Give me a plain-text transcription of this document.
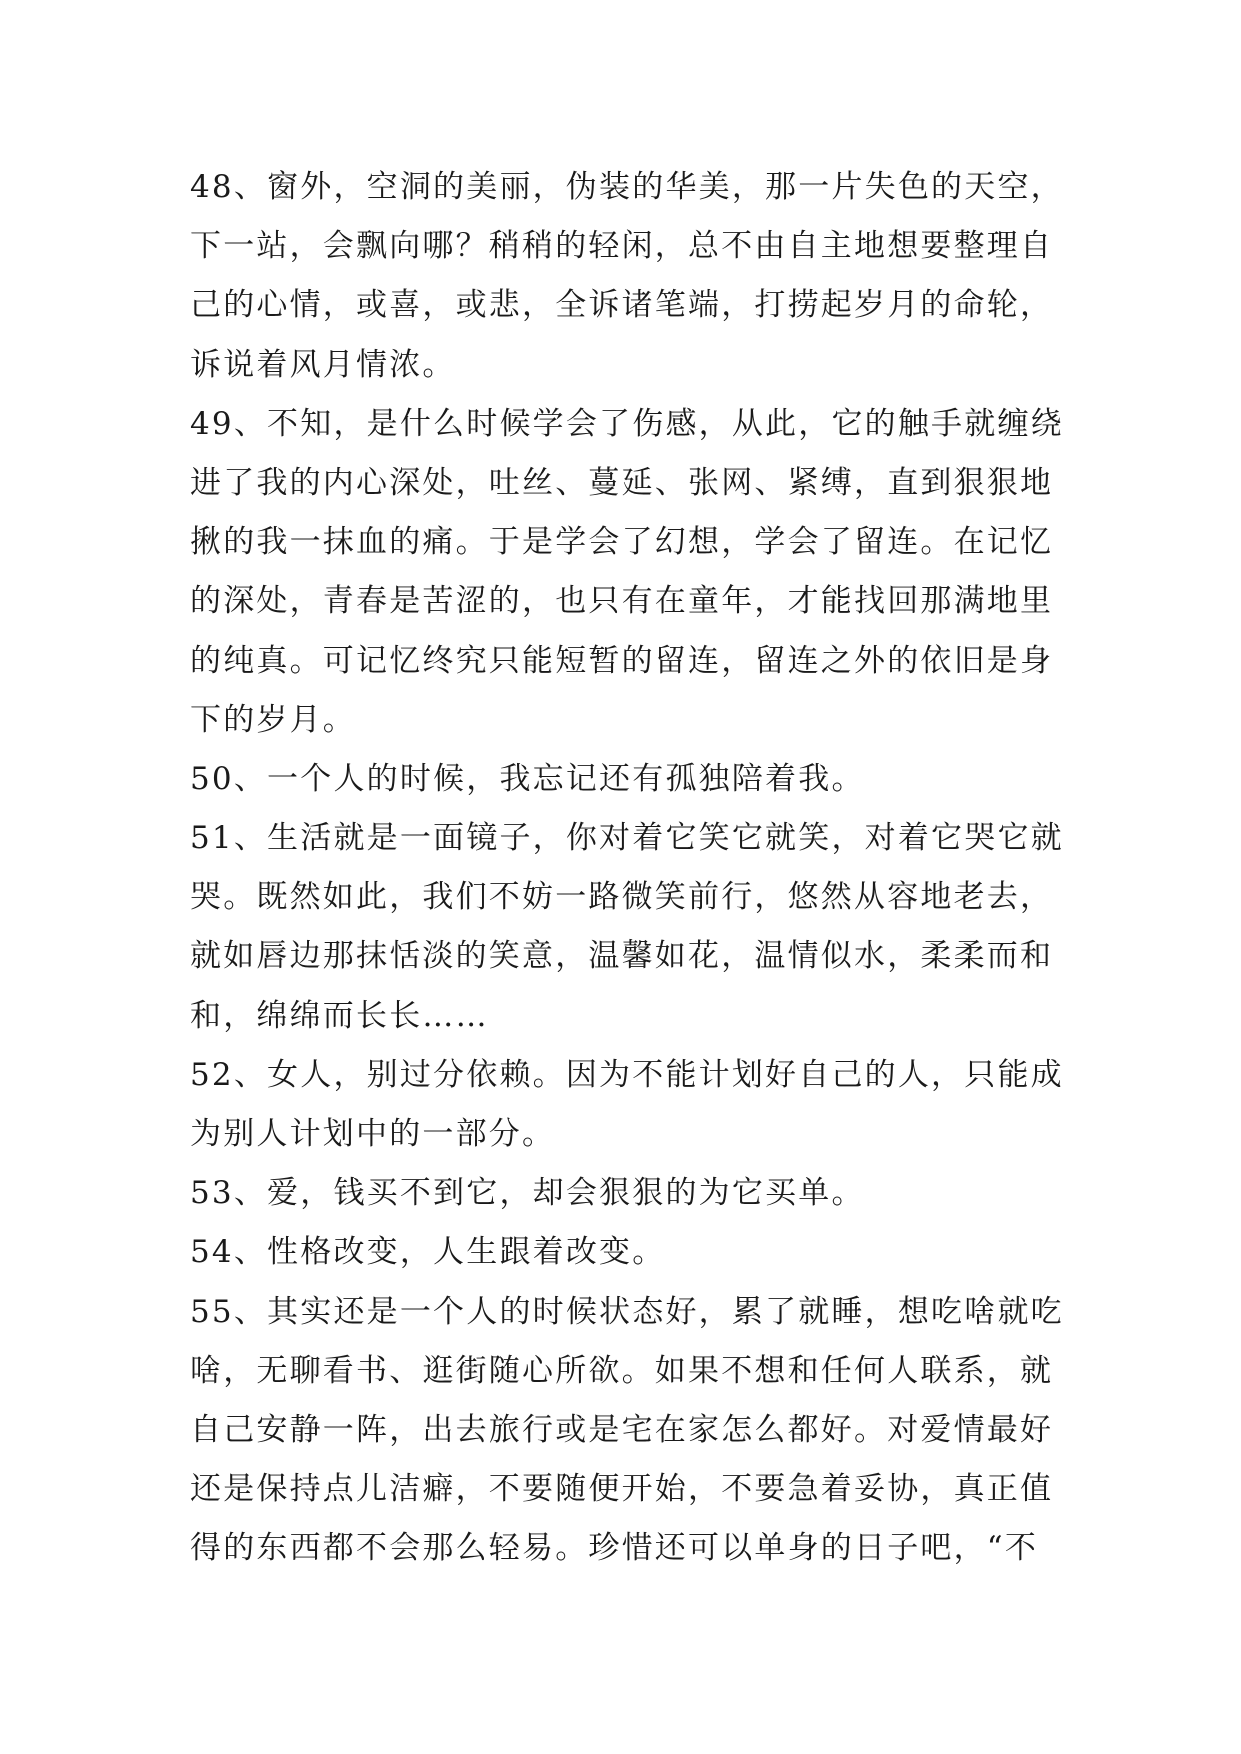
48、窗外，空洞的美丽，伪装的华美，那一片失色的天空，
下一站，会飘向哪？稍稍的轻闲，总不由自主地想要整理自
己的心情，或喜，或悲，全诉诸笔端，打捞起岁月的命轮，
诉说着风月情浓。
49、不知，是什么时候学会了伤感，从此，它的触手就缠绕
进了我的内心深处，吐丝、蔓延、张网、紧缚，直到狠狠地
揪的我一抹血的痛。于是学会了幻想，学会了留连。在记忆
的深处，青春是苦涩的，也只有在童年，才能找回那满地里
的纯真。可记忆终究只能短暂的留连，留连之外的依旧是身
下的岁月。
50、一个人的时候，我忘记还有孤独陪着我。
51、生活就是一面镜子，你对着它笑它就笑，对着它哭它就
哭。既然如此，我们不妨一路微笑前行，悠然从容地老去，
就如唇边那抹恬淡的笑意，温馨如花，温情似水，柔柔而和
和，绵绵而长长……
52、女人，别过分依赖。因为不能计划好自己的人，只能成
为别人计划中的一部分。
53、爱，钱买不到它，却会狠狠的为它买单。
54、性格改变，人生跟着改变。
55、其实还是一个人的时候状态好，累了就睡，想吃啥就吃
啥，无聊看书、逛街随心所欲。如果不想和任何人联系，就
自己安静一阵，出去旅行或是宅在家怎么都好。对爱情最好
还是保持点儿洁癖，不要随便开始，不要急着妥协，真正值
得的东西都不会那么轻易。珍惜还可以单身的日子吧，“不
